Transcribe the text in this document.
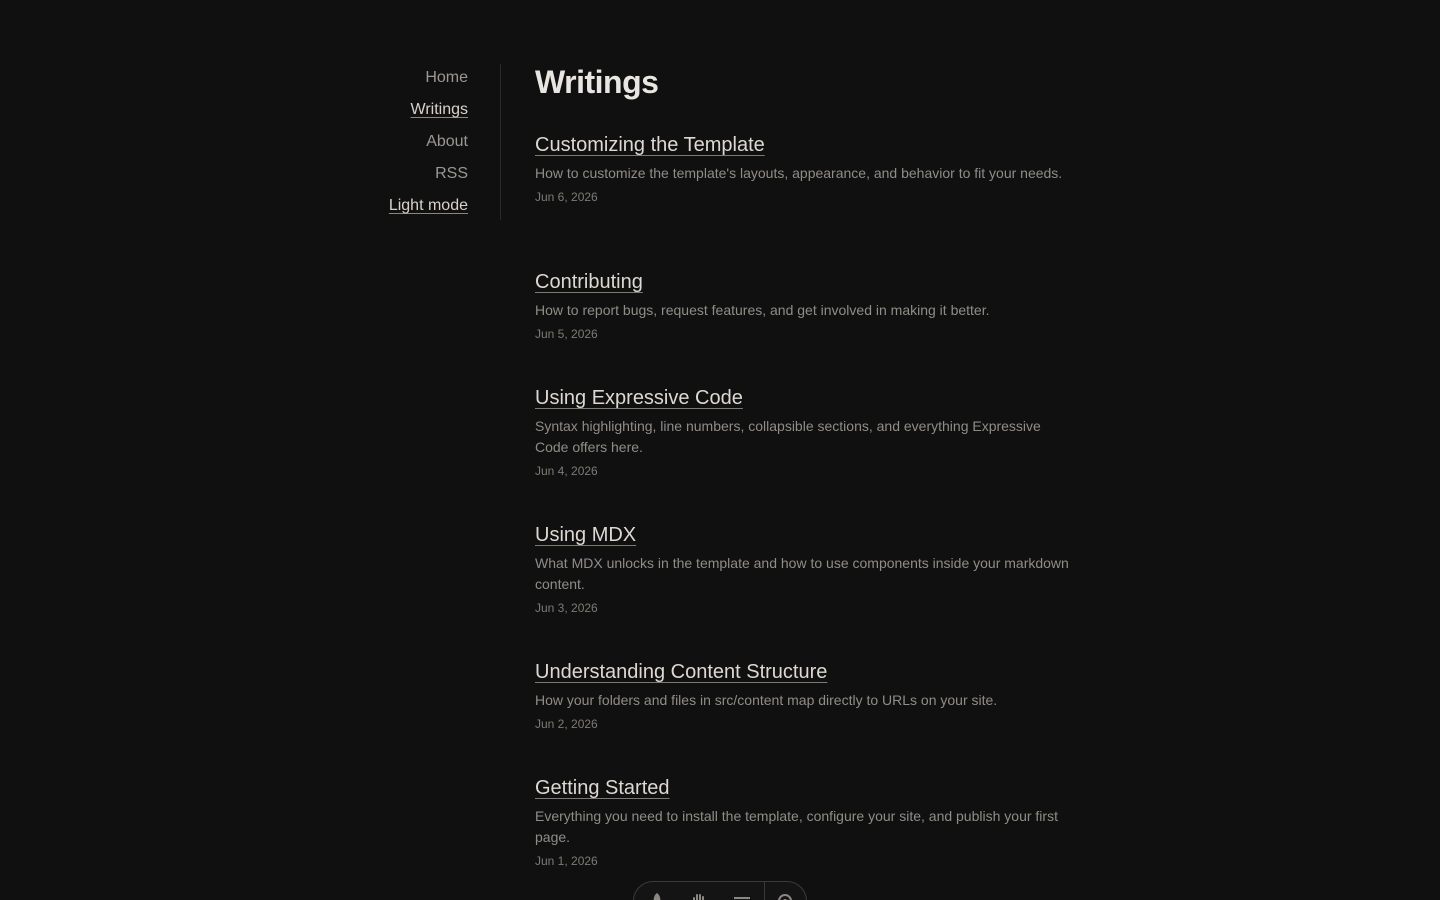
Home
Writings
About
RSS
Light mode
Writings
Customizing the Template
How to customize the template's layouts, appearance, and behavior to fit your needs.
Jun 6, 2026
Contributing
How to report bugs, request features, and get involved in making it better.
Jun 5, 2026
Using Expressive Code
Syntax highlighting, line numbers, collapsible sections, and everything Expressive Code offers here.
Jun 4, 2026
Using MDX
What MDX unlocks in the template and how to use components inside your markdown content.
Jun 3, 2026
Understanding Content Structure
How your folders and files in src/content map directly to URLs on your site.
Jun 2, 2026
Getting Started
Everything you need to install the template, configure your site, and publish your first page.
Jun 1, 2026
